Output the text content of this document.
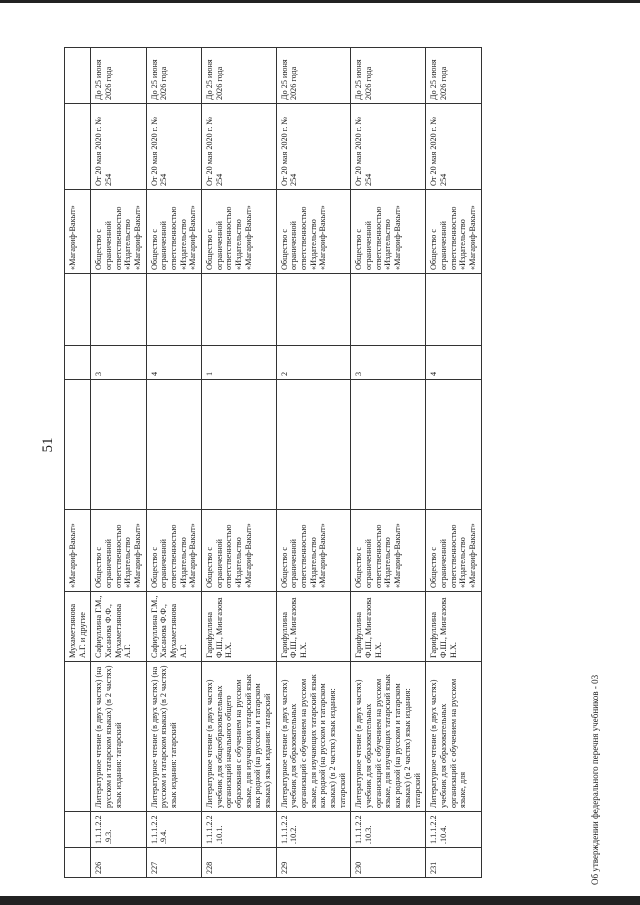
51
			Мухаметзянова А.Г. и другие	«Магариф-Вакыт»				«Магариф-Вакыт»		
226	1.1.1.2.2.9.3.	Литературное чтение (в двух частях) (на русском и татарском языках) (в 2 частях) язык издания: татарский	Сафиуллина Г.М., Хасанова Ф.Ф., Мухаметзянова А.Г.	Общество с ограниченной ответственностью «Издательство «Магариф-Вакыт»		3		Общество с ограниченной ответственностью «Издательство «Магариф-Вакыт»	От 20 мая 2020 г. № 254	До 25 июня 2026 года
227	1.1.1.2.2.9.4.	Литературное чтение (в двух частях) (на русском и татарском языках) (в 2 частях) язык издания: татарский	Сафиуллина Г.М., Хасанова Ф.Ф., Мухаметзянова А.Г.	Общество с ограниченной ответственностью «Издательство «Магариф-Вакыт»		4		Общество с ограниченной ответственностью «Издательство «Магариф-Вакыт»	От 20 мая 2020 г. № 254	До 25 июня 2026 года
228	1.1.1.2.2.10.1.	Литературное чтение (в двух частях) учебник для общеобразовательных организаций начального общего образования с обучением на русском языке, для изучающих татарский язык как родной (на русском и татарском языках) язык издания: татарский	Гарифуллина Ф.Ш., Мингазова Н.Х.	Общество с ограниченной ответственностью «Издательство «Магариф-Вакыт»		1		Общество с ограниченной ответственностью «Издательство «Магариф-Вакыт»	От 20 мая 2020 г. № 254	До 25 июня 2026 года
229	1.1.1.2.2.10.2.	Литературное чтение (в двух частях) учебник для образовательных организаций с обучением на русском языке, для изучающих татарский язык как родной (на русском и татарском языках) (в 2 частях) язык издания: татарский	Гарифуллина Ф.Ш., Мингазова Н.Х.	Общество с ограниченной ответственностью «Издательство «Магариф-Вакыт»		2		Общество с ограниченной ответственностью «Издательство «Магариф-Вакыт»	От 20 мая 2020 г. № 254	До 25 июня 2026 года
230	1.1.1.2.2.10.3.	Литературное чтение (в двух частях) учебник для образовательных организаций с обучением на русском языке, для изучающих татарский язык как родной (на русском и татарском языках) (в 2 частях) язык издания: татарский	Гарифуллина Ф.Ш., Мингазова Н.Х.	Общество с ограниченной ответственностью «Издательство «Магариф-Вакыт»		3		Общество с ограниченной ответственностью «Издательство «Магариф-Вакыт»	От 20 мая 2020 г. № 254	До 25 июня 2026 года
231	1.1.1.2.2.10.4.	Литературное чтение (в двух частях) учебник для образовательных организаций с обучением на русском языке, для	Гарифуллина Ф.Ш., Мингазова Н.Х.	Общество с ограниченной ответственностью «Издательство «Магариф-Вакыт»		4		Общество с ограниченной ответственностью «Издательство «Магариф-Вакыт»	От 20 мая 2020 г. № 254	До 25 июня 2026 года
Об утверждении федерального перечня учебников - 03
